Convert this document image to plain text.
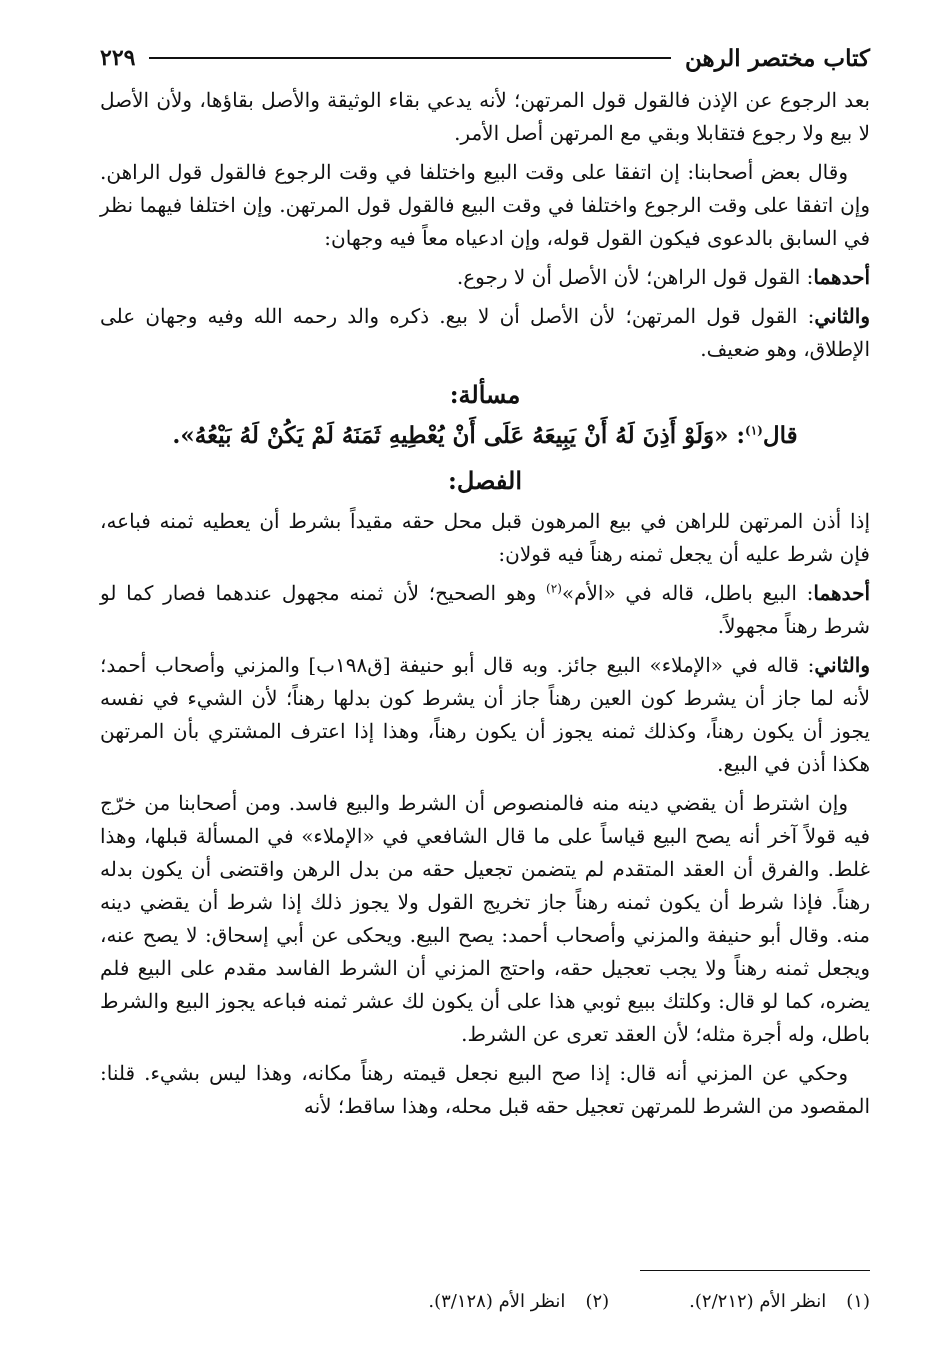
كتاب مختصر الرهن
٢٢٩

بعد الرجوع عن الإذن فالقول قول المرتهن؛ لأنه يدعي بقاء الوثيقة والأصل بقاؤها، ولأن الأصل لا بيع ولا رجوع فتقابلا وبقي مع المرتهن أصل الأمر.

وقال بعض أصحابنا: إن اتفقا على وقت البيع واختلفا في وقت الرجوع فالقول قول الراهن. وإن اتفقا على وقت الرجوع واختلفا في وقت البيع فالقول قول المرتهن. وإن اختلفا فيهما نظر في السابق بالدعوى فيكون القول قوله، وإن ادعياه معاً فيه وجهان:

أحدهما: القول قول الراهن؛ لأن الأصل أن لا رجوع.

والثاني: القول قول المرتهن؛ لأن الأصل أن لا بيع. ذكره والد رحمه الله وفيه وجهان على الإطلاق، وهو ضعيف.

مسألة:
قال$^{(١)}$: «وَلَوْ أَذِنَ لَهُ أَنْ يَبِيعَهُ عَلَى أَنْ يُعْطِيهِ ثَمَنَهُ لَمْ يَكُنْ لَهُ بَيْعُهُ».
الفصل:

إذا أذن المرتهن للراهن في بيع المرهون قبل محل حقه مقيداً بشرط أن يعطيه ثمنه فباعه، فإن شرط عليه أن يجعل ثمنه رهناً فيه قولان:

أحدهما: البيع باطل، قاله في «الأم»$^{(٢)}$ وهو الصحيح؛ لأن ثمنه مجهول عندهما فصار كما لو شرط رهناً مجهولاً.

والثاني: قاله في «الإملاء» البيع جائز. وبه قال أبو حنيفة [ق١٩٨ب] والمزني وأصحاب أحمد؛ لأنه لما جاز أن يشرط كون العين رهناً جاز أن يشرط كون بدلها رهناً؛ لأن الشيء في نفسه يجوز أن يكون رهناً، وكذلك ثمنه يجوز أن يكون رهناً، وهذا إذا اعترف المشتري بأن المرتهن هكذا أذن في البيع.

وإن اشترط أن يقضي دينه منه فالمنصوص أن الشرط والبيع فاسد. ومن أصحابنا من خرّج فيه قولاً آخر أنه يصح البيع قياساً على ما قال الشافعي في «الإملاء» في المسألة قبلها، وهذا غلط. والفرق أن العقد المتقدم لم يتضمن تجعيل حقه من بدل الرهن واقتضى أن يكون بدله رهناً. فإذا شرط أن يكون ثمنه رهناً جاز تخريج القول ولا يجوز ذلك إذا شرط أن يقضي دينه منه. وقال أبو حنيفة والمزني وأصحاب أحمد: يصح البيع. ويحكى عن أبي إسحاق: لا يصح عنه، ويجعل ثمنه رهناً ولا يجب تعجيل حقه، واحتج المزني أن الشرط الفاسد مقدم على البيع فلم يضره، كما لو قال: وكلتك ببيع ثوبي هذا على أن يكون لك عشر ثمنه فباعه يجوز البيع والشرط باطل، وله أجرة مثله؛ لأن العقد تعرى عن الشرط.

وحكي عن المزني أنه قال: إذا صح البيع نجعل قيمته رهناً مكانه، وهذا ليس بشيء. قلنا: المقصود من الشرط للمرتهن تعجيل حقه قبل محله، وهذا ساقط؛ لأنه

(١)انظر الأم (٢/٢١٢).
(٢)انظر الأم (٣/١٢٨).
